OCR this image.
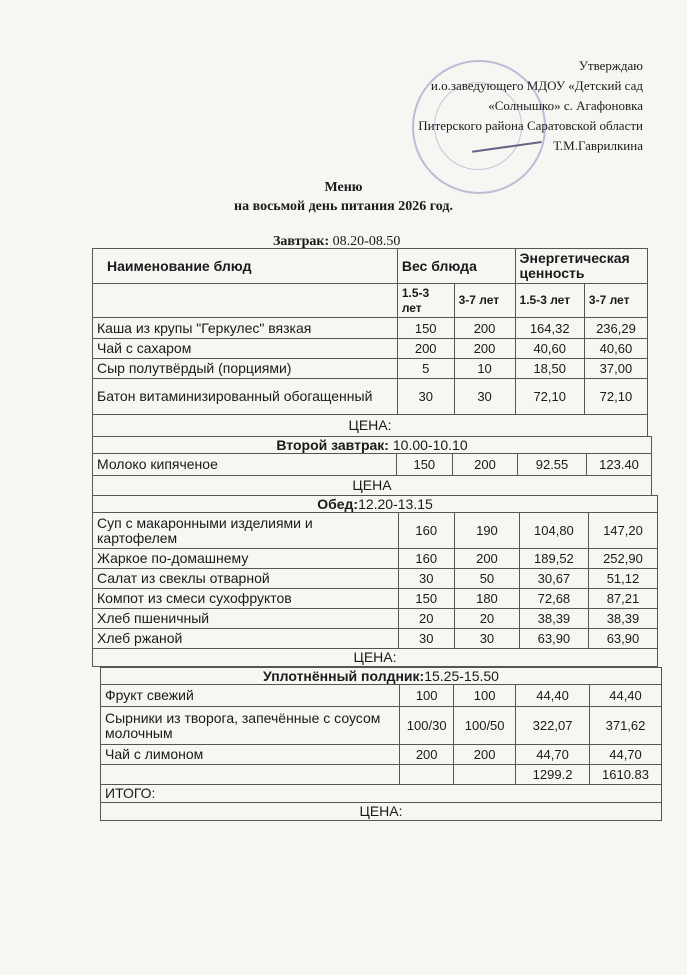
Утверждаю
и.о.заведующего МДОУ «Детский сад
«Солнышко» с. Агафоновка
Питерского района Саратовской области
Т.М.Гаврилкина
Меню
на восьмой день питания 2026 год.
Завтрак: 08.20-08.50
Наименование блюд	Вес блюда		Энергетическая ценность	
	1.5-3 лет	3-7 лет	1.5-3 лет	3-7 лет
Каша из крупы "Геркулес" вязкая	150	200	164,32	236,29
Чай с сахаром	200	200	40,60	40,60
Сыр полутвёрдый (порциями)	5	10	18,50	37,00
Батон витаминизированный обогащенный	30	30	72,10	72,10
ЦЕНА:				
Второй завтрак: 10.00-10.10
Молоко кипяченое	150	200	92.55	123.40
ЦЕНА
Обед:12.20-13.15				
Суп с макаронными изделиями и картофелем	160	190	104,80	147,20
Жаркое по-домашнему	160	200	189,52	252,90
Салат из свеклы отварной	30	50	30,67	51,12
Компот из смеси сухофруктов	150	180	72,68	87,21
Хлеб пшеничный	20	20	38,39	38,39
Хлеб ржаной	30	30	63,90	63,90
ЦЕНА:				
Уплотнённый полдник:15.25-15.50				
Фрукт свежий	100	100	44,40	44,40
Сырники из творога, запечённые с соусом молочным	100/30	100/50	322,07	371,62
Чай с лимоном	200	200	44,70	44,70
			1299.2	1610.83
ИТОГО:				
ЦЕНА:				
